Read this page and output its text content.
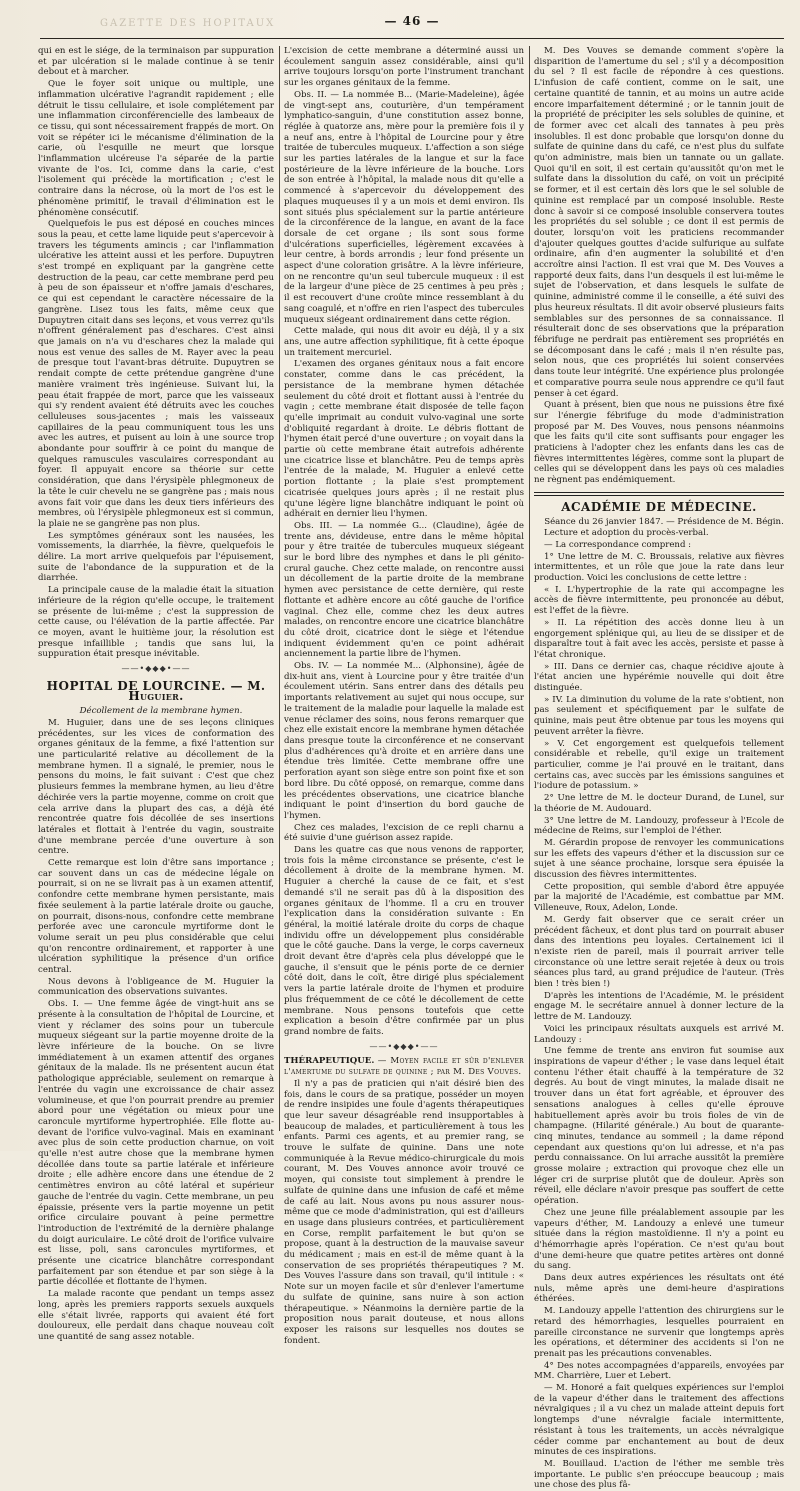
GAZETTE DES HOPITAUX	— 46 —

qui en est le siége, de la terminaison par suppuration et par ulcération si le malade continue à se tenir debout et à marcher.

Que le foyer soit unique ou multiple, une inflammation ulcérative l'agrandit rapidement ; elle détruit le tissu cellulaire, et isole complétement par une inflammation circonférencielle des lambeaux de ce tissu, qui sont nécessairement frappés de mort. On voit se répéter ici le mécanisme d'élimination de la carie, où l'esquille ne meurt que lorsque l'inflammation ulcéreuse l'a séparée de la partie vivante de l'os. Ici, comme dans la carie, c'est l'isolement qui précède la mortification ; c'est le contraire dans la nécrose, où la mort de l'os est le phénomène primitif, le travail d'élimination est le phénomène consécutif.

Quelquefois le pus est déposé en couches minces sous la peau, et cette lame liquide peut s'apercevoir à travers les téguments amincis ; car l'inflammation ulcérative les atteint aussi et les perfore. Dupuytren s'est trompé en expliquant par la gangrène cette destruction de la peau, car cette membrane perd peu à peu de son épaisseur et n'offre jamais d'eschares, ce qui est cependant le caractère nécessaire de la gangrène. Lisez tous les faits, même ceux que Dupuytren citait dans ses leçons, et vous verrez qu'ils n'offrent généralement pas d'eschares. C'est ainsi que jamais on n'a vu d'eschares chez la malade qui nous est venue des salles de M. Rayer avec la peau de presque tout l'avant-bras détruite. Dupuytren se rendait compte de cette prétendue gangrène d'une manière vraiment très ingénieuse. Suivant lui, la peau était frappée de mort, parce que les vaisseaux qui s'y rendent avaient été détruits avec les couches celluleuses sous-jacentes ; mais les vaisseaux capillaires de la peau communiquent tous les uns avec les autres, et puisent au loin à une source trop abondante pour souffrir à ce point du manque de quelques ramuscules vasculaires correspondant au foyer. Il appuyait encore sa théorie sur cette considération, que dans l'érysipèle phlegmoneux de la tête le cuir chevelu ne se gangrène pas ; mais nous avons fait voir que dans les deux tiers inférieurs des membres, où l'érysipèle phlegmoneux est si commun, la plaie ne se gangrène pas non plus.

Les symptômes généraux sont les nausées, les vomissements, la diarrhée, la fièvre, quelquefois le délire. La mort arrive quelquefois par l'épuisement, suite de l'abondance de la suppuration et de la diarrhée.

La principale cause de la maladie était la situation inférieure de la région qu'elle occupe, le traitement se présente de lui-même ; c'est la suppression de cette cause, ou l'élévation de la partie affectée. Par ce moyen, avant le huitième jour, la résolution est presque infaillible ; tandis que sans lui, la suppuration était presque inévitable.

——•◆◆◆•——
HOPITAL DE LOURCINE. — M. Huguier.

Décollement de la membrane hymen.

M. Huguier, dans une de ses leçons cliniques précédentes, sur les vices de conformation des organes génitaux de la femme, a fixé l'attention sur une particularité relative au décollement de la membrane hymen. Il a signalé, le premier, nous le pensons du moins, le fait suivant : C'est que chez plusieurs femmes la membrane hymen, au lieu d'être déchirée vers la partie moyenne, comme on croit que cela arrive dans la plupart des cas, a déjà été rencontrée quatre fois décollée de ses insertions latérales et flottait à l'entrée du vagin, soustraite d'une membrane percée d'une ouverture à son centre.

Cette remarque est loin d'être sans importance ; car souvent dans un cas de médecine légale on pourrait, si on ne se livrait pas à un examen attentif, confondre cette membrane hymen persistante, mais fixée seulement à la partie latérale droite ou gauche, on pourrait, disons-nous, confondre cette membrane perforée avec une caroncule myrtiforme dont le volume serait un peu plus considérable que celui qu'on rencontre ordinairement, et rapporter à une ulcération syphilitique la présence d'un orifice central.

Nous devons à l'obligeance de M. Huguier la communication des observations suivantes.

Obs. I. — Une femme âgée de vingt-huit ans se présente à la consultation de l'hôpital de Lourcine, et vient y réclamer des soins pour un tubercule muqueux siégeant sur la partie moyenne droite de la lèvre inférieure de la bouche. On se livre immédiatement à un examen attentif des organes génitaux de la malade. Ils ne présentent aucun état pathologique appréciable, seulement on remarque à l'entrée du vagin une excroissance de chair assez volumineuse, et que l'on pourrait prendre au premier abord pour une végétation ou mieux pour une caroncule myrtiforme hypertrophiée. Elle flotte au-devant de l'orifice vulvo-vaginal. Mais en examinant avec plus de soin cette production charnue, on voit qu'elle n'est autre chose que la membrane hymen décollée dans toute sa partie latérale et inférieure droite ; elle adhère encore dans une étendue de 2 centimètres environ au côté latéral et supérieur gauche de l'entrée du vagin. Cette membrane, un peu épaissie, présente vers la partie moyenne un petit orifice circulaire pouvant à peine permettre l'introduction de l'extrémité de la dernière phalange du doigt auriculaire. Le côté droit de l'orifice vulvaire est lisse, poli, sans caroncules myrtiformes, et présente une cicatrice blanchâtre correspondant parfaitement par son étendue et par son siège à la partie décollée et flottante de l'hymen.

La malade raconte que pendant un temps assez long, après les premiers rapports sexuels auxquels elle s'était livrée, rapports qui avaient été fort douloureux, elle perdait dans chaque nouveau coït une quantité de sang assez notable.

L'excision de cette membrane a déterminé aussi un écoulement sanguin assez considérable, ainsi qu'il arrive toujours lorsqu'on porte l'instrument tranchant sur les organes génitaux de la femme.

Obs. II. — La nommée B... (Marie-Madeleine), âgée de vingt-sept ans, couturière, d'un tempérament lymphatico-sanguin, d'une constitution assez bonne, réglée à quatorze ans, mère pour la première fois il y a neuf ans, entre à l'hôpital de Lourcine pour y être traitée de tubercules muqueux. L'affection a son siége sur les parties latérales de la langue et sur la face postérieure de la lèvre inférieure de la bouche. Lors de son entrée à l'hôpital, la malade nous dit qu'elle a commencé à s'apercevoir du développement des plaques muqueuses il y a un mois et demi environ. Ils sont situés plus spécialement sur la partie antérieure de la circonférence de la langue, en avant de la face dorsale de cet organe ; ils sont sous forme d'ulcérations superficielles, légèrement excavées à leur centre, à bords arrondis ; leur fond présente un aspect d'une coloration grisâtre. A la lèvre inférieure, on ne rencontre qu'un seul tubercule muqueux : il est de la largeur d'une pièce de 25 centimes à peu près ; il est recouvert d'une croûte mince ressemblant à du sang coagulé, et n'offre en rien l'aspect des tubercules muqueux siégeant ordinairement dans cette région.

Cette malade, qui nous dit avoir eu déjà, il y a six ans, une autre affection syphilitique, fit à cette époque un traitement mercuriel.

L'examen des organes génitaux nous a fait encore constater, comme dans le cas précédent, la persistance de la membrane hymen détachée seulement du côté droit et flottant aussi à l'entrée du vagin ; cette membrane était disposée de telle façon qu'elle imprimait au conduit vulvo-vaginal une sorte d'obliquité regardant à droite. Le débris flottant de l'hymen était percé d'une ouverture ; on voyait dans la partie où cette membrane était autrefois adhérente une cicatrice lisse et blanchâtre. Peu de temps après l'entrée de la malade, M. Huguier a enlevé cette portion flottante ; la plaie s'est promptement cicatrisée quelques jours après ; il ne restait plus qu'une légère ligne blanchâtre indiquant le point où adhérait en dernier lieu l'hymen.

Obs. III. — La nommée G... (Claudine), âgée de trente ans, dévideuse, entre dans le même hôpital pour y être traitée de tubercules muqueux siégeant sur le bord libre des nymphes et dans le pli génito-crural gauche. Chez cette malade, on rencontre aussi un décollement de la partie droite de la membrane hymen avec persistance de cette dernière, qui reste flottante et adhère encore au côté gauche de l'orifice vaginal. Chez elle, comme chez les deux autres malades, on rencontre encore une cicatrice blanchâtre du côté droit, cicatrice dont le siège et l'étendue indiquent évidemment qu'en ce point adhérait anciennement la partie libre de l'hymen.

Obs. IV. — La nommée M... (Alphonsine), âgée de dix-huit ans, vient à Lourcine pour y être traitée d'un écoulement utérin. Sans entrer dans des détails peu importants relativement au sujet qui nous occupe, sur le traitement de la maladie pour laquelle la malade est venue réclamer des soins, nous ferons remarquer que chez elle existait encore la membrane hymen détachée dans presque toute la circonférence et ne conservant plus d'adhérences qu'à droite et en arrière dans une étendue très limitée. Cette membrane offre une perforation ayant son siège entre son point fixe et son bord libre. Du côté opposé, on remarque, comme dans les précédentes observations, une cicatrice blanche indiquant le point d'insertion du bord gauche de l'hymen.

Chez ces malades, l'excision de ce repli charnu a été suivie d'une guérison assez rapide.

Dans les quatre cas que nous venons de rapporter, trois fois la même circonstance se présente, c'est le décollement à droite de la membrane hymen. M. Huguier a cherché la cause de ce fait, et s'est demandé s'il ne serait pas dû à la disposition des organes génitaux de l'homme. Il a cru en trouver l'explication dans la considération suivante : En général, la moitié latérale droite du corps de chaque individu offre un développement plus considérable que le côté gauche. Dans la verge, le corps caverneux droit devant être d'après cela plus développé que le gauche, il s'ensuit que le pénis porte de ce dernier côté doit, dans le coït, être dirigé plus spécialement vers la partie latérale droite de l'hymen et produire plus fréquemment de ce côté le décollement de cette membrane. Nous pensons toutefois que cette explication a besoin d'être confirmée par un plus grand nombre de faits.

——•◆◆◆•——

THÉRAPEUTIQUE. — Moyen facile et sûr d'enlever l'amertume du sulfate de quinine ; par M. Des Vouves.

Il n'y a pas de praticien qui n'ait désiré bien des fois, dans le cours de sa pratique, posséder un moyen de rendre insipides une foule d'agents thérapeutiques que leur saveur désagréable rend insupportables à beaucoup de malades, et particulièrement à tous les enfants. Parmi ces agents, et au premier rang, se trouve le sulfate de quinine. Dans une note communiquée à la Revue médico-chirurgicale du mois courant, M. Des Vouves annonce avoir trouvé ce moyen, qui consiste tout simplement à prendre le sulfate de quinine dans une infusion de café et même de café au lait. Nous avons pu nous assurer nous-même que ce mode d'administration, qui est d'ailleurs en usage dans plusieurs contrées, et particulièrement en Corse, remplit parfaitement le but qu'on se propose, quant à la destruction de la mauvaise saveur du médicament ; mais en est-il de même quant à la conservation de ses propriétés thérapeutiques ? M. Des Vouves l'assure dans son travail, qu'il intitule : « Note sur un moyen facile et sûr d'enlever l'amertume du sulfate de quinine, sans nuire à son action thérapeutique. » Néanmoins la dernière partie de la proposition nous parait douteuse, et nous allons exposer les raisons sur lesquelles nos doutes se fondent.

M. Des Vouves se demande comment s'opère la disparition de l'amertume du sel ; s'il y a décomposition du sel ? Il est facile de répondre à ces questions. L'infusion de café contient, comme on le sait, une certaine quantité de tannin, et au moins un autre acide encore imparfaitement déterminé ; or le tannin jouit de la propriété de précipiter les sels solubles de quinine, et de former avec cet alcali des tannates à peu près insolubles. Il est donc probable que lorsqu'on donne du sulfate de quinine dans du café, ce n'est plus du sulfate qu'on administre, mais bien un tannate ou un gallate. Quoi qu'il en soit, il est certain qu'aussitôt qu'on met le sulfate dans la dissolution du café, on voit un précipité se former, et il est certain dès lors que le sel soluble de quinine est remplacé par un composé insoluble. Reste donc à savoir si ce composé insoluble conservera toutes les propriétés du sel soluble ; ce dont il est permis de douter, lorsqu'on voit les praticiens recommander d'ajouter quelques gouttes d'acide sulfurique au sulfate ordinaire, afin d'en augmenter la solubilité et d'en accroître ainsi l'action. Il est vrai que M. Des Vouves a rapporté deux faits, dans l'un desquels il est lui-même le sujet de l'observation, et dans lesquels le sulfate de quinine, administré comme il le conseille, a été suivi des plus heureux résultats. Il dit avoir observé plusieurs faits semblables sur des personnes de sa connaissance. Il résulterait donc de ses observations que la préparation fébrifuge ne perdrait pas entièrement ses propriétés en se décomposant dans le café ; mais il n'en résulte pas, selon nous, que ces propriétés lui soient conservées dans toute leur intégrité. Une expérience plus prolongée et comparative pourra seule nous apprendre ce qu'il faut penser à cet égard.

Quant à présent, bien que nous ne puissions être fixé sur l'énergie fébrifuge du mode d'administration proposé par M. Des Vouves, nous pensons néanmoins que les faits qu'il cite sont suffisants pour engager les praticiens à l'adopter chez les enfants dans les cas de fièvres intermittentes légères, comme sont la plupart de celles qui se développent dans les pays où ces maladies ne règnent pas endémiquement.

ACADÉMIE DE MÉDECINE.

Séance du 26 janvier 1847. — Présidence de M. Bégin.

Lecture et adoption du procès-verbal.

— La correspondance comprend :

1° Une lettre de M. C. Broussais, relative aux fièvres intermittentes, et un rôle que joue la rate dans leur production. Voici les conclusions de cette lettre :

« I. L'hypertrophie de la rate qui accompagne les accès de fièvre intermittente, peu prononcée au début, est l'effet de la fièvre.

» II. La répétition des accès donne lieu à un engorgement splénique qui, au lieu de se dissiper et de disparaître tout à fait avec les accès, persiste et passe à l'état chronique.

» III. Dans ce dernier cas, chaque récidive ajoute à l'état ancien une hypérémie nouvelle qui doit être distinguée.

» IV. La diminution du volume de la rate s'obtient, non pas seulement et spécifiquement par le sulfate de quinine, mais peut être obtenue par tous les moyens qui peuvent arrêter la fièvre.

» V. Cet engorgement est quelquefois tellement considérable et rebelle, qu'il exige un traitement particulier, comme je l'ai prouvé en le traitant, dans certains cas, avec succès par les émissions sanguines et l'iodure de potassium. »

2° Une lettre de M. le docteur Durand, de Lunel, sur la théorie de M. Audouard.

3° Une lettre de M. Landouzy, professeur à l'Ecole de médecine de Reims, sur l'emploi de l'éther.

M. Gérardin propose de renvoyer les communications sur les effets des vapeurs d'éther et la discussion sur ce sujet à une séance prochaine, lorsque sera épuisée la discussion des fièvres intermittentes.

Cette proposition, qui semble d'abord être appuyée par la majorité de l'Académie, est combattue par MM. Villeneuve, Roux, Adelon, Londe.

M. Gerdy fait observer que ce serait créer un précédent fâcheux, et dont plus tard on pourrait abuser dans des intentions peu loyales. Certainement ici il n'existe rien de pareil, mais il pourrait arriver telle circonstance où une lettre serait rejetée à deux ou trois séances plus tard, au grand préjudice de l'auteur. (Très bien ! très bien !)

D'après les intentions de l'Académie, M. le président engage M. le secrétaire annuel à donner lecture de la lettre de M. Landouzy.

Voici les principaux résultats auxquels est arrivé M. Landouzy :

Une femme de trente ans environ fut soumise aux inspirations de vapeur d'éther ; le vase dans lequel était contenu l'éther était chauffé à la température de 32 degrés. Au bout de vingt minutes, la malade disait ne trouver dans un état fort agréable, et éprouver des sensations analogues à celles qu'elle éprouve habituellement après avoir bu trois fioles de vin de champagne. (Hilarité générale.) Au bout de quarante-cinq minutes, tendance au sommeil ; la dame répond cependant aux questions qu'on lui adresse, et n'a pas perdu connaissance. On lui arrache aussitôt la première grosse molaire ; extraction qui provoque chez elle un léger cri de surprise plutôt que de douleur. Après son réveil, elle déclare n'avoir presque pas souffert de cette opération.

Chez une jeune fille préalablement assoupie par les vapeurs d'éther, M. Landouzy a enlevé une tumeur située dans la région mastoïdienne. Il n'y a point eu d'hémorrhagie après l'opération. Ce n'est qu'au bout d'une demi-heure que quatre petites artères ont donné du sang.

Dans deux autres expériences les résultats ont été nuls, même après une demi-heure d'aspirations éthérées.

M. Landouzy appelle l'attention des chirurgiens sur le retard des hémorrhagies, lesquelles pourraient en pareille circonstance ne survenir que longtemps après les opérations, et déterminer des accidents si l'on ne prenait pas les précautions convenables.

4° Des notes accompagnées d'appareils, envoyées par MM. Charrière, Luer et Lebert.

— M. Honoré a fait quelques expériences sur l'emploi de la vapeur d'éther dans le traitement des affections névralgiques ; il a vu chez un malade atteint depuis fort longtemps d'une névralgie faciale intermittente, résistant à tous les traitements, un accès névralgique céder comme par enchantement au bout de deux minutes de ces inspirations.

M. Bouillaud. L'action de l'éther me semble très importante. Le public s'en préoccupe beaucoup ; mais une chose des plus fâ-
